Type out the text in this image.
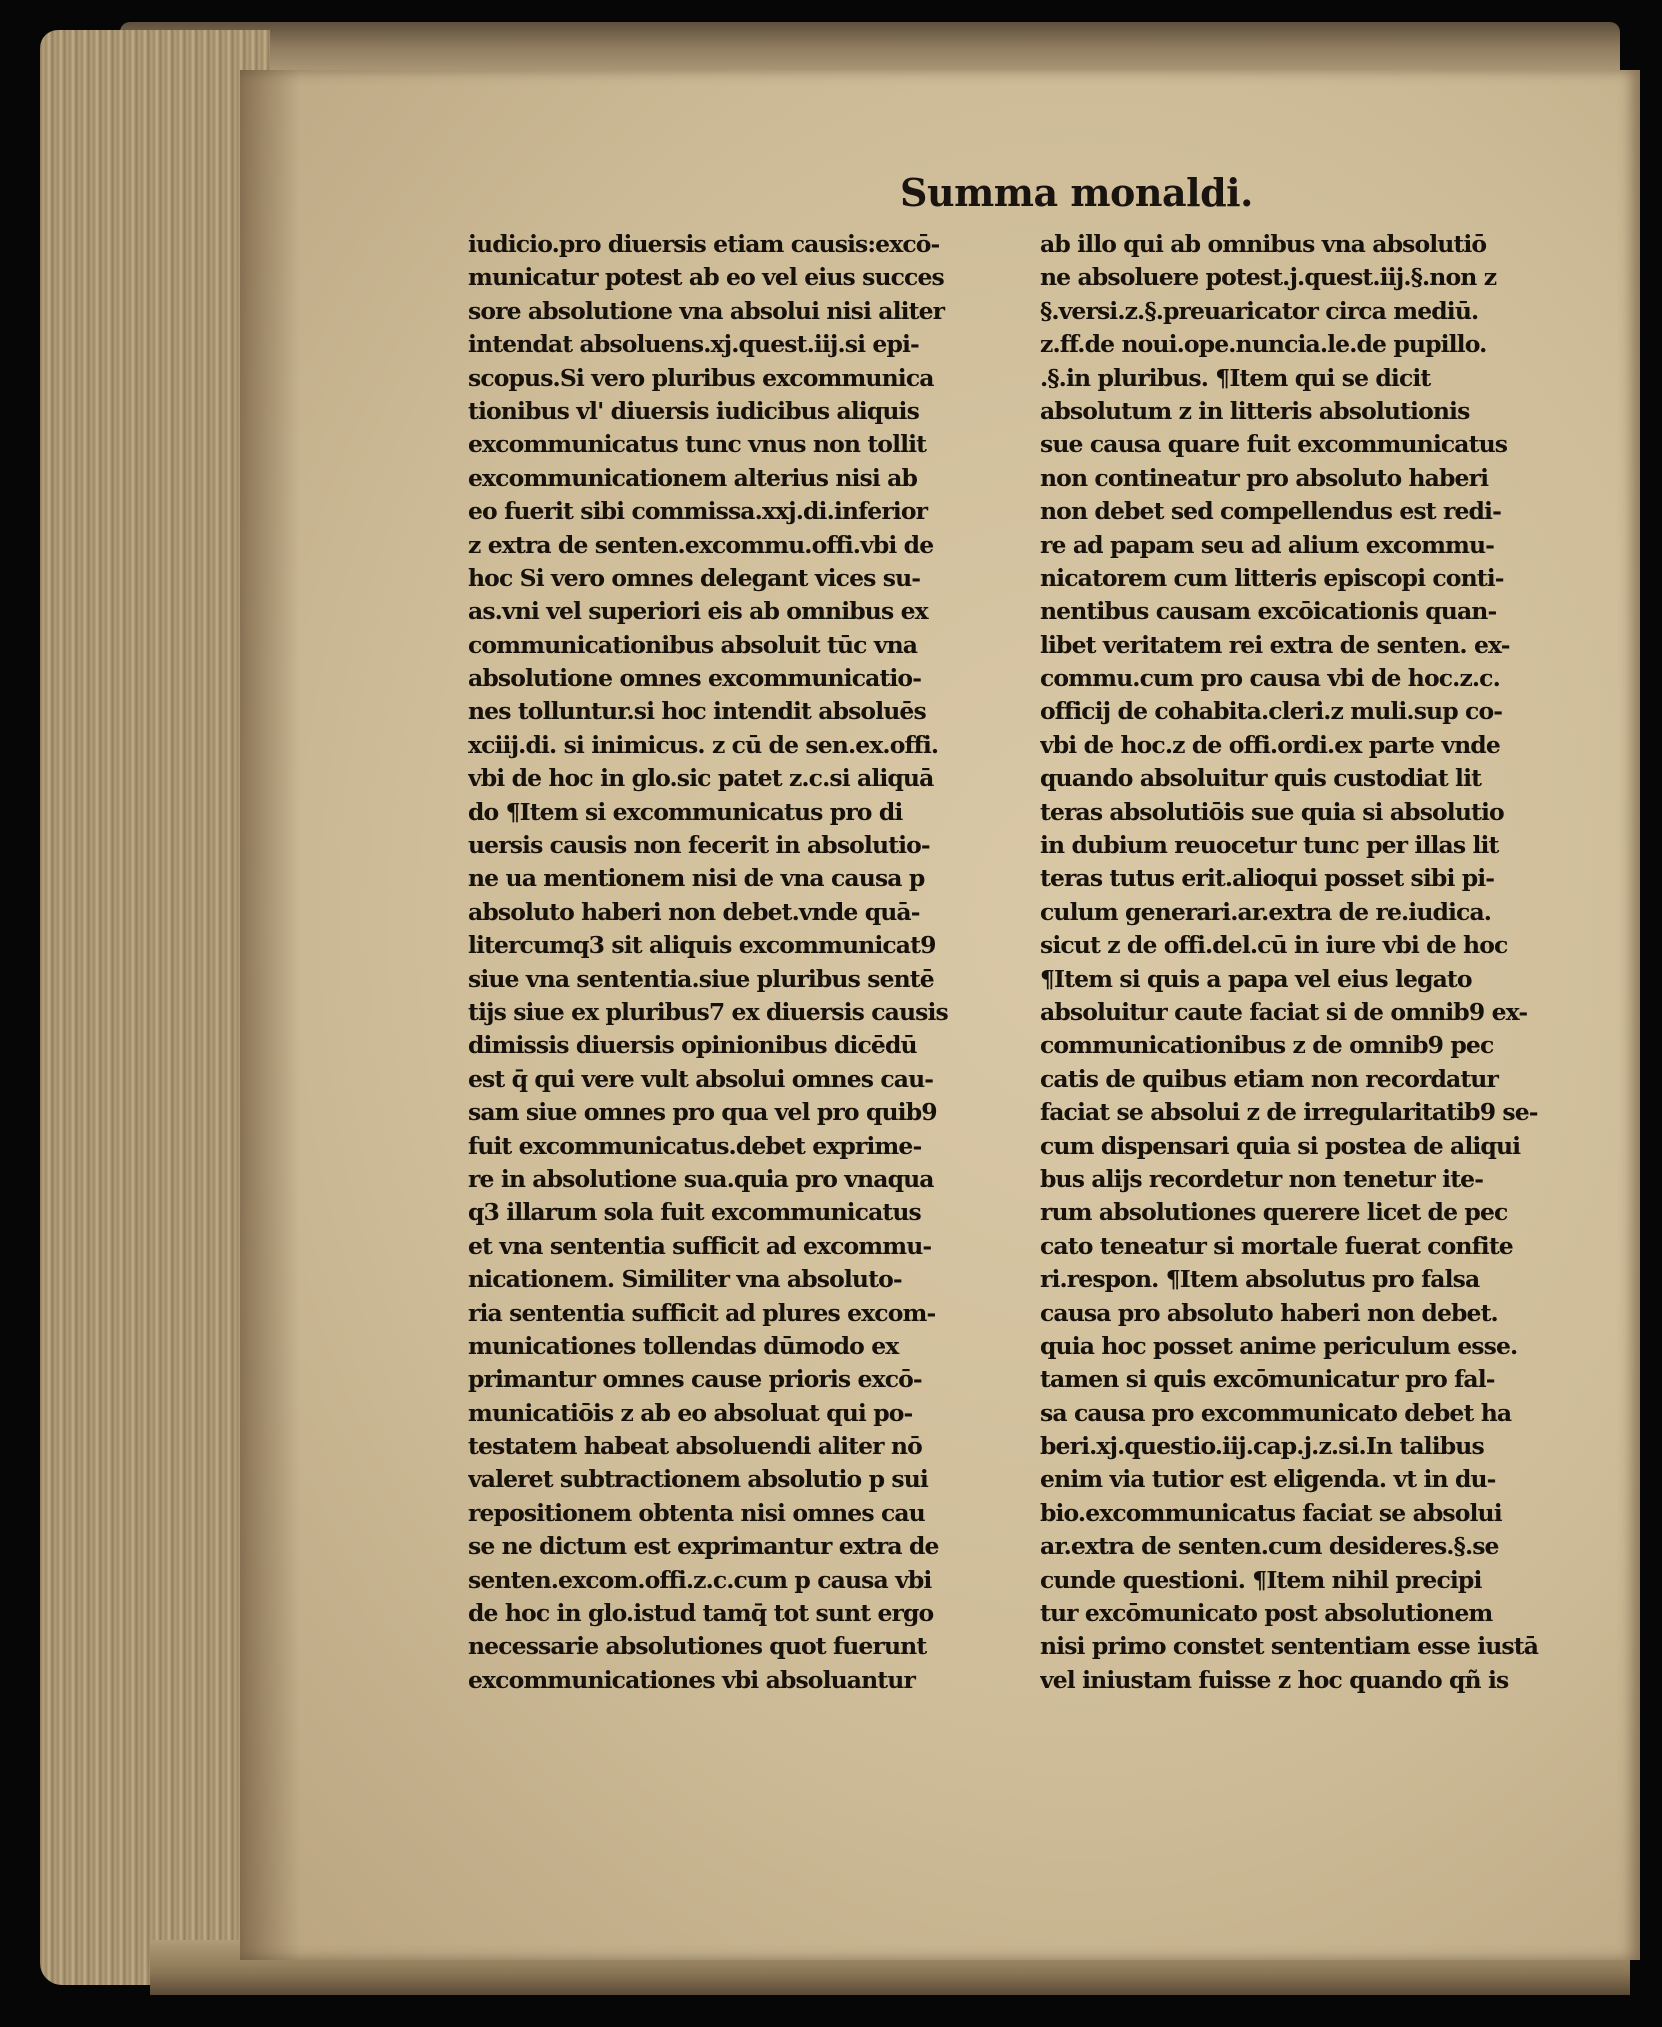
Summa monaldi.
iudicio.pro diuersis etiam causis:excō-
municatur potest ab eo vel eius succes
sore absolutione vna absolui nisi aliter
intendat absoluens.xj.quest.iij.si epi-
scopus.Si vero pluribus excommunica
tionibus vl' diuersis iudicibus aliquis
excommunicatus tunc vnus non tollit
excommunicationem alterius nisi ab
eo fuerit sibi commissa.xxj.di.inferior
z extra de senten.excommu.offi.vbi de
hoc Si vero omnes delegant vices su-
as.vni vel superiori eis ab omnibus ex
communicationibus absoluit tūc vna
absolutione omnes excommunicatio-
nes tolluntur.si hoc intendit absoluēs
xciij.di. si inimicus. z cū de sen.ex.offi.
vbi de hoc in glo.sic patet z.c.si aliquā
do ¶Item si excommunicatus pro di
uersis causis non fecerit in absolutio-
ne ua mentionem nisi de vna causa p
absoluto haberi non debet.vnde quā-
litercumq3 sit aliquis excommunicat9
siue vna sententia.siue pluribus sentē
tijs siue ex pluribus7 ex diuersis causis
dimissis diuersis opinionibus dicēdū
est q̄ qui vere vult absolui omnes cau-
sam siue omnes pro qua vel pro quib9
fuit excommunicatus.debet exprime-
re in absolutione sua.quia pro vnaqua
q3 illarum sola fuit excommunicatus
et vna sententia sufficit ad excommu-
nicationem. Similiter vna absoluto-
ria sententia sufficit ad plures excom-
municationes tollendas dūmodo ex
primantur omnes cause prioris excō-
municatiōis z ab eo absoluat qui po-
testatem habeat absoluendi aliter nō
valeret subtractionem absolutio p sui
repositionem obtenta nisi omnes cau
se ne dictum est exprimantur extra de
senten.excom.offi.z.c.cum p causa vbi
de hoc in glo.istud tamq̄ tot sunt ergo
necessarie absolutiones quot fuerunt
excommunicationes vbi absoluantur
ab illo qui ab omnibus vna absolutiō
ne absoluere potest.j.quest.iij.§.non z
§.versi.z.§.preuaricator circa mediū.
z.ff.de noui.ope.nuncia.le.de pupillo.
.§.in pluribus. ¶Item qui se dicit
absolutum z in litteris absolutionis
sue causa quare fuit excommunicatus
non contineatur pro absoluto haberi
non debet sed compellendus est redi-
re ad papam seu ad alium excommu-
nicatorem cum litteris episcopi conti-
nentibus causam excōicationis quan-
libet veritatem rei extra de senten. ex-
commu.cum pro causa vbi de hoc.z.c.
officij de cohabita.cleri.z muli.sup co-
vbi de hoc.z de offi.ordi.ex parte vnde
quando absoluitur quis custodiat lit
teras absolutiōis sue quia si absolutio
in dubium reuocetur tunc per illas lit
teras tutus erit.alioqui posset sibi pi-
culum generari.ar.extra de re.iudica.
sicut z de offi.del.cū in iure vbi de hoc
¶Item si quis a papa vel eius legato
absoluitur caute faciat si de omnib9 ex-
communicationibus z de omnib9 pec
catis de quibus etiam non recordatur
faciat se absolui z de irregularitatib9 se-
cum dispensari quia si postea de aliqui
bus alijs recordetur non tenetur ite-
rum absolutiones querere licet de pec
cato teneatur si mortale fuerat confite
ri.respon. ¶Item absolutus pro falsa
causa pro absoluto haberi non debet.
quia hoc posset anime periculum esse.
tamen si quis excōmunicatur pro fal-
sa causa pro excommunicato debet ha
beri.xj.questio.iij.cap.j.z.si.In talibus
enim via tutior est eligenda. vt in du-
bio.excommunicatus faciat se absolui
ar.extra de senten.cum desideres.§.se
cunde questioni. ¶Item nihil precipi
tur excōmunicato post absolutionem
nisi primo constet sententiam esse iustā
vel iniustam fuisse z hoc quando qñ is
